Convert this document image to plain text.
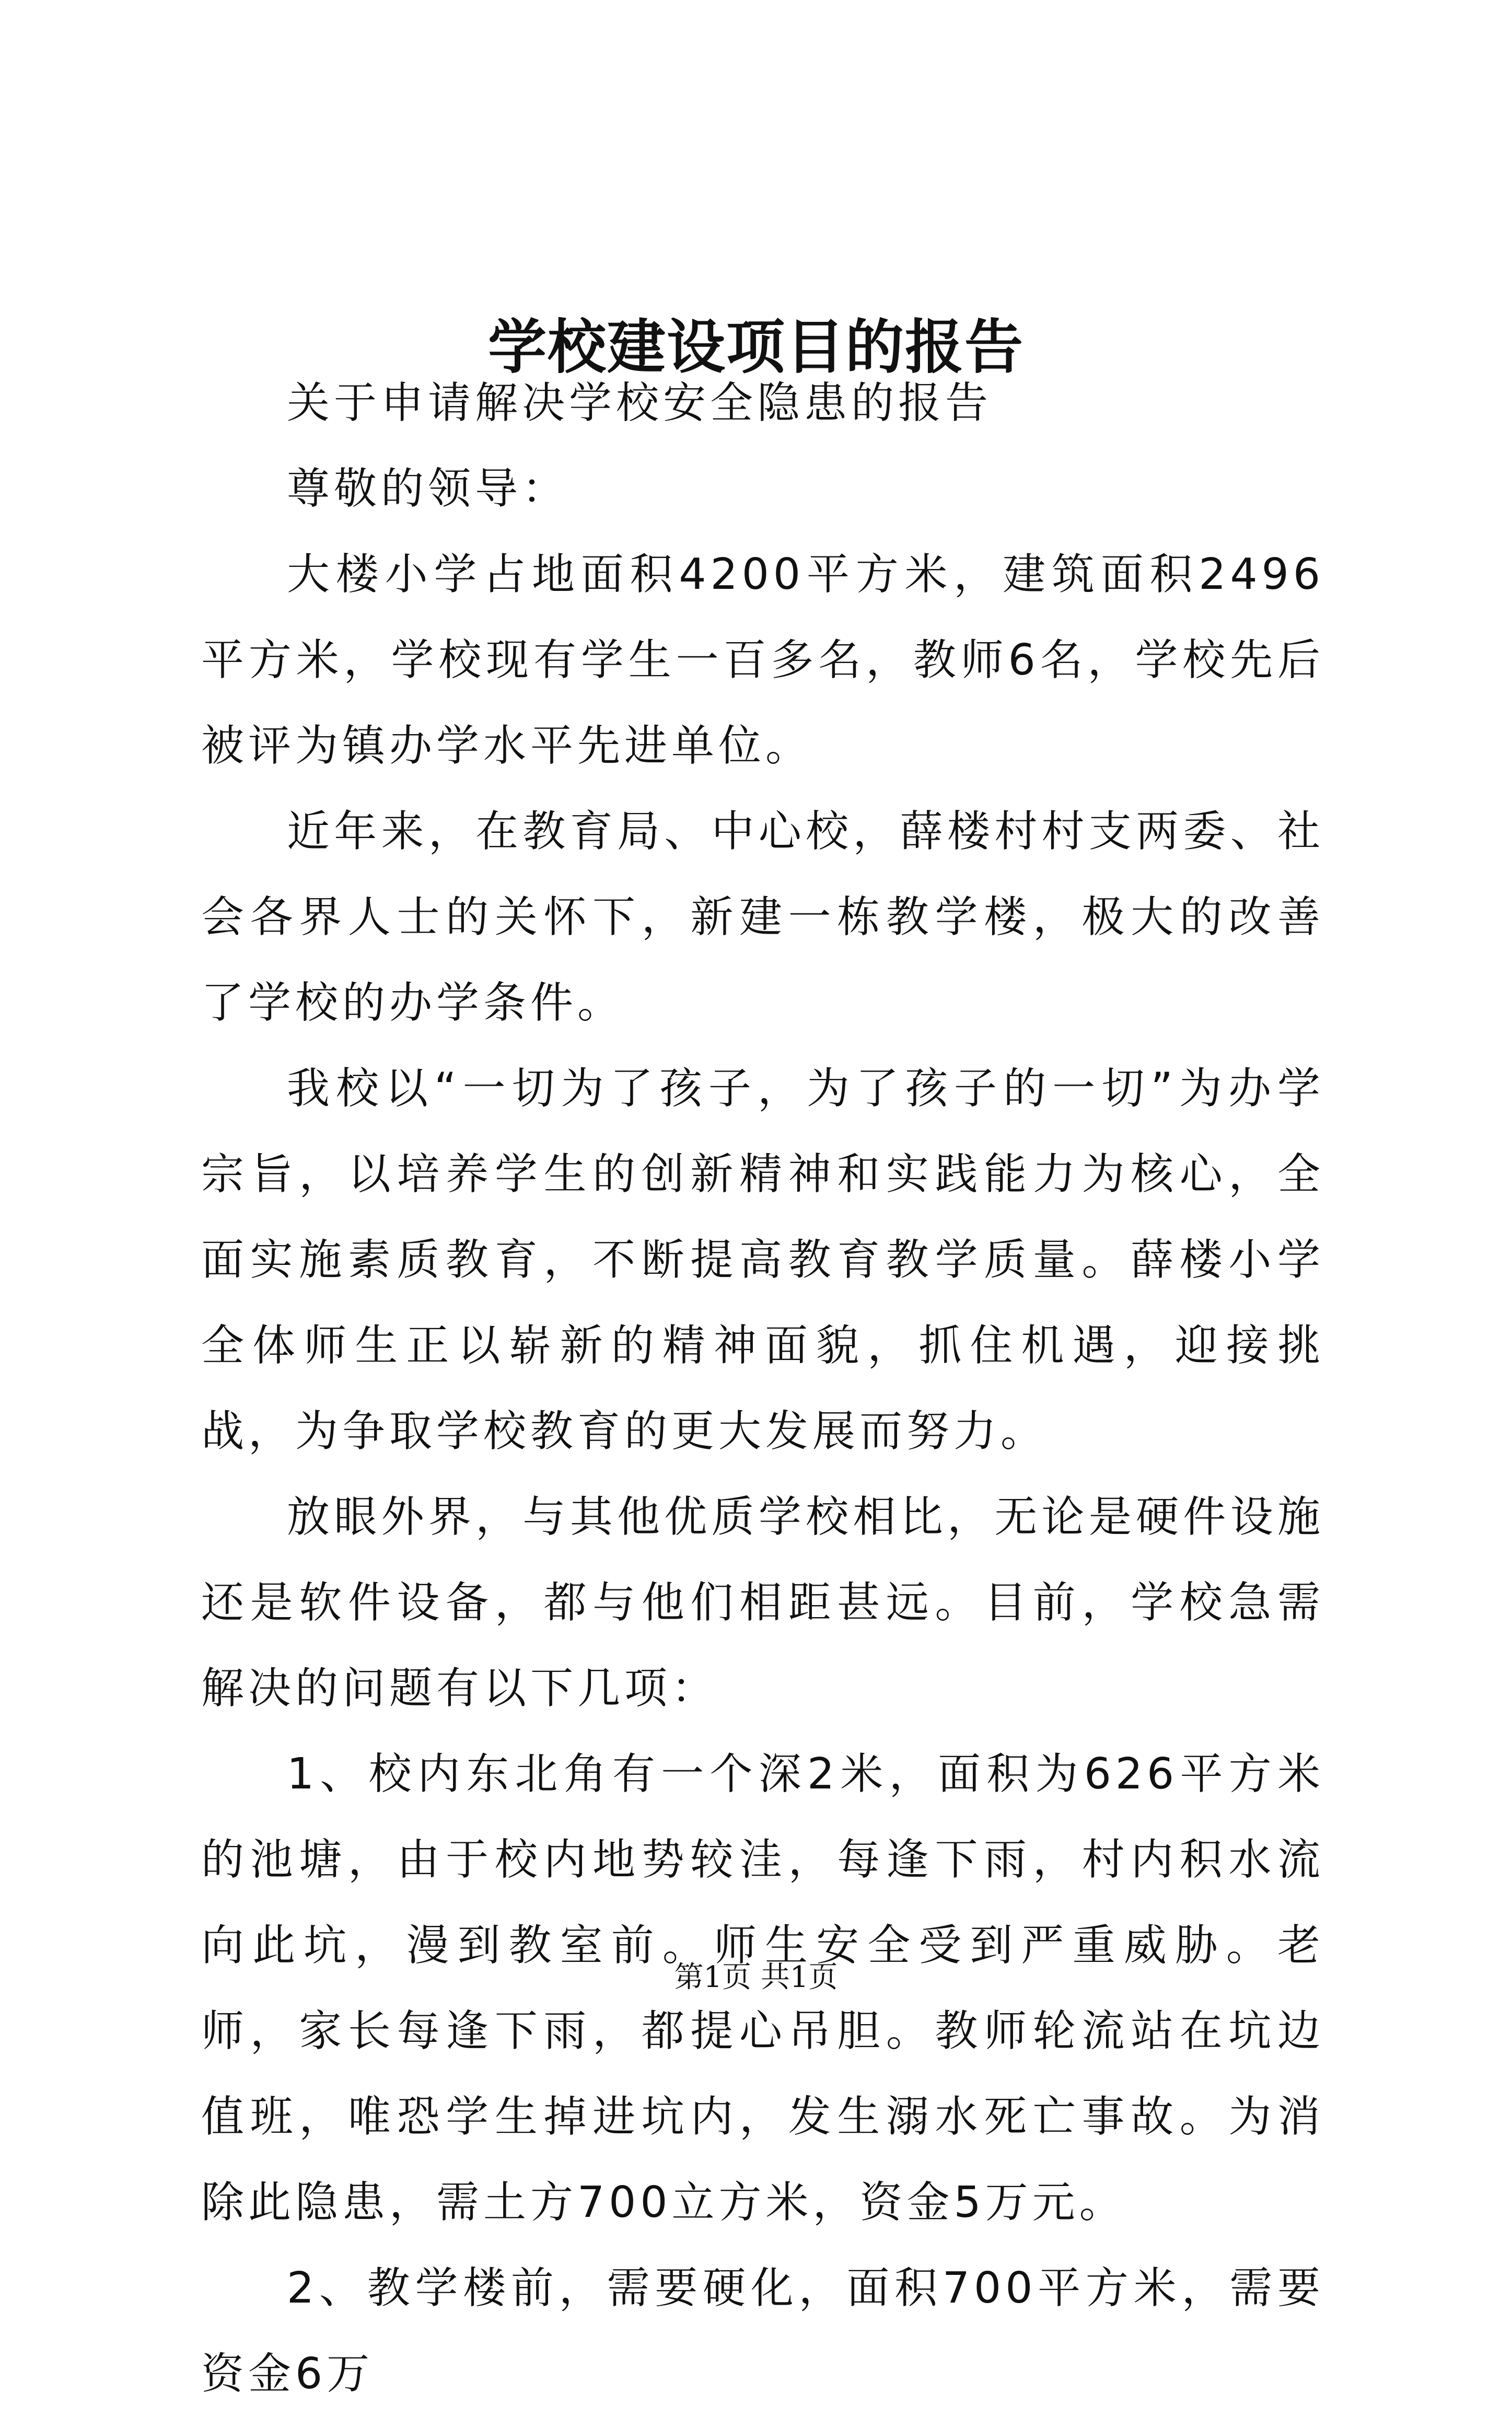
学校建设项目的报告

关于申请解决学校安全隐患的报告

尊敬的领导：

大楼小学占地面积4200平方米，建筑面积2496平方米，学校现有学生一百多名，教师6名，学校先后被评为镇办学水平先进单位。

近年来，在教育局、中心校，薛楼村村支两委、社会各界人士的关怀下，新建一栋教学楼，极大的改善了学校的办学条件。

我校以“一切为了孩子，为了孩子的一切”为办学宗旨，以培养学生的创新精神和实践能力为核心，全面实施素质教育，不断提高教育教学质量。薛楼小学全体师生正以崭新的精神面貌，抓住机遇，迎接挑战，为争取学校教育的更大发展而努力。

放眼外界，与其他优质学校相比，无论是硬件设施还是软件设备，都与他们相距甚远。目前，学校急需解决的问题有以下几项：

1、校内东北角有一个深2米，面积为626平方米的池塘，由于校内地势较洼，每逢下雨，村内积水流向此坑，漫到教室前。师生安全受到严重威胁。老师，家长每逢下雨，都提心吊胆。教师轮流站在坑边值班，唯恐学生掉进坑内，发生溺水死亡事故。为消除此隐患，需土方700立方米，资金5万元。

2、教学楼前，需要硬化，面积700平方米，需要资金6万

第1页 共1页
